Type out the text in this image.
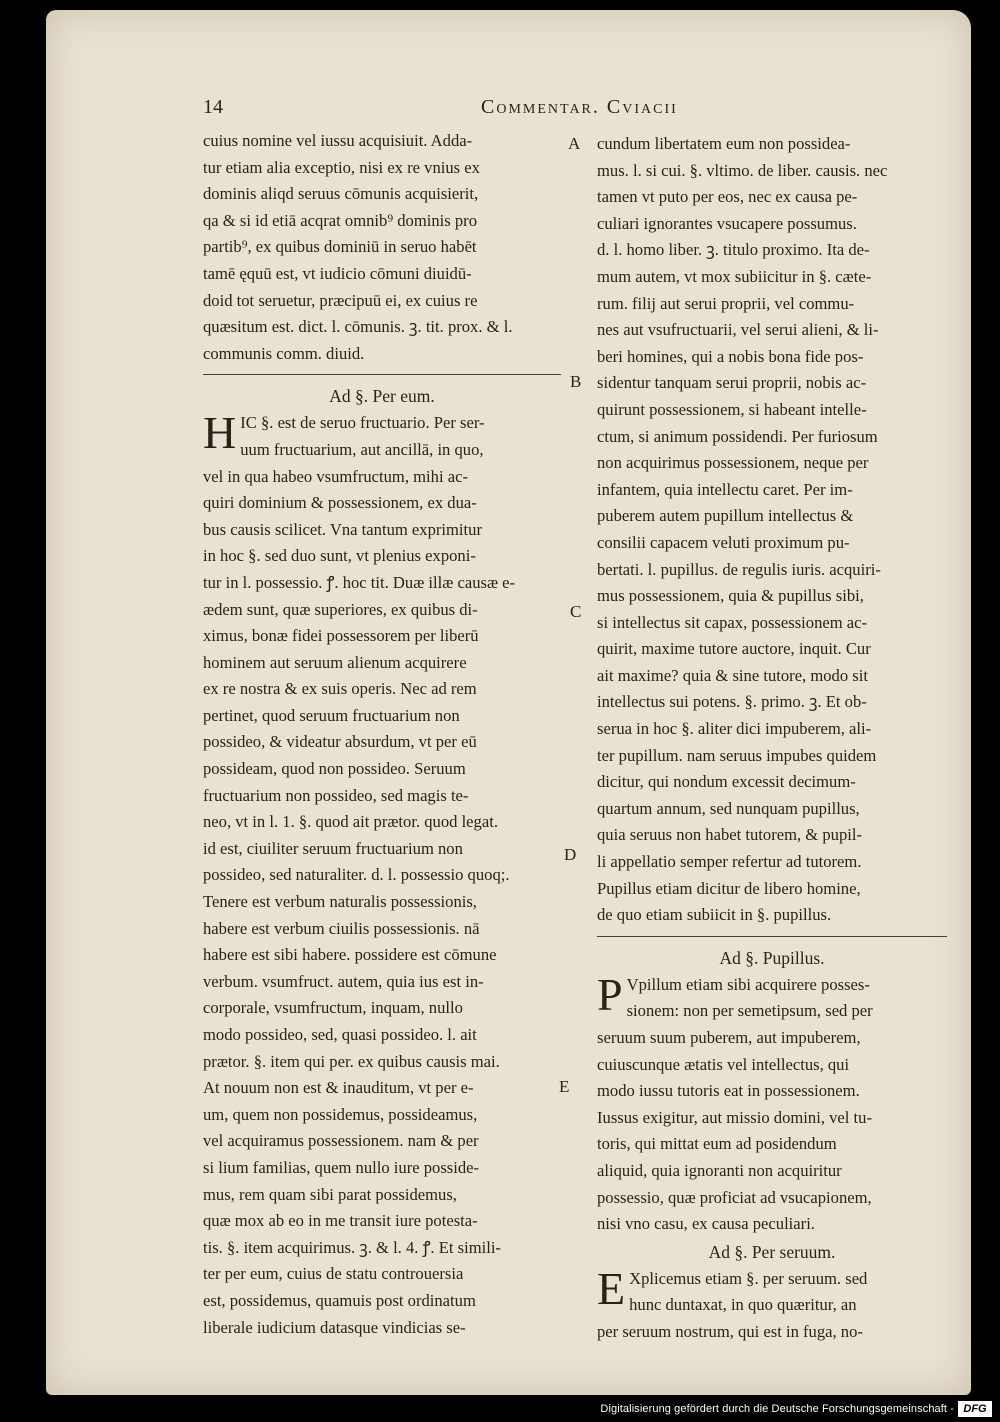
14	Commentar. Cviacii
A
B
C
D
E

cuius nomine vel iussu acquisiuit. Adda-
tur etiam alia exceptio, nisi ex re vnius ex
dominis aliqd seruus cōmunis acquisierit,
qa & si id etiā acqrat omnib⁹ dominis pro
partib⁹, ex quibus dominiū in seruo habēt
tamē ęquū est, vt iudicio cōmuni diuidū-
doid tot seruetur, præcipuū ei, ex cuius re
quæsitum est. dict. l. cōmunis. ꝫ. tit. prox. & l.
communis comm. diuid.

Ad §. Per eum.

H IC §. est de seruo fructuario. Per ser-
uum fructuarium, aut ancillā, in quo,
vel in qua habeo vsumfructum, mihi ac-
quiri dominium & possessionem, ex dua-
bus causis scilicet. Vna tantum exprimitur
in hoc §. sed duo sunt, vt plenius exponi-
tur in l. possessio. ꝭ. hoc tit. Duæ illæ causæ e-
ædem sunt, quæ superiores, ex quibus di-
ximus, bonæ fidei possessorem per liberū
hominem aut seruum alienum acquirere
ex re nostra & ex suis operis. Nec ad rem
pertinet, quod seruum fructuarium non
possideo, & videatur absurdum, vt per eū
possideam, quod non possideo. Seruum
fructuarium non possideo, sed magis te-
neo, vt in l. 1. §. quod ait prætor. quod legat.
id est, ciuiliter seruum fructuarium non
possideo, sed naturaliter. d. l. possessio quoq;.
Tenere est verbum naturalis possessionis,
habere est verbum ciuilis possessionis. nā
habere est sibi habere. possidere est cōmune
verbum. vsumfruct. autem, quia ius est in-
corporale, vsumfructum, inquam, nullo
modo possideo, sed, quasi possideo. l. ait
prætor. §. item qui per. ex quibus causis mai.
At nouum non est & inauditum, vt per e-
um, quem non possidemus, possideamus,
vel acquiramus possessionem. nam & per
si lium familias, quem nullo iure posside-
mus, rem quam sibi parat possidemus,
quæ mox ab eo in me transit iure potesta-
tis. §. item acquirimus. ꝫ. & l. 4. ꝭ. Et simili-
ter per eum, cuius de statu controuersia
est, possidemus, quamuis post ordinatum
liberale iudicium datasque vindicias se-

cundum libertatem eum non possidea-
mus. l. si cui. §. vltimo. de liber. causis. nec
tamen vt puto per eos, nec ex causa pe-
culiari ignorantes vsucapere possumus.
d. l. homo liber. ꝫ. titulo proximo. Ita de-
mum autem, vt mox subiicitur in §. cæte-
rum. filij aut serui proprii, vel commu-
nes aut vsufructuarii, vel serui alieni, & li-
beri homines, qui a nobis bona fide pos-
sidentur tanquam serui proprii, nobis ac-
quirunt possessionem, si habeant intelle-
ctum, si animum possidendi. Per furiosum
non acquirimus possessionem, neque per
infantem, quia intellectu caret. Per im-
puberem autem pupillum intellectus &
consilii capacem veluti proximum pu-
bertati. l. pupillus. de regulis iuris. acquiri-
mus possessionem, quia & pupillus sibi,
si intellectus sit capax, possessionem ac-
quirit, maxime tutore auctore, inquit. Cur
ait maxime? quia & sine tutore, modo sit
intellectus sui potens. §. primo. ꝫ. Et ob-
serua in hoc §. aliter dici impuberem, ali-
ter pupillum. nam seruus impubes quidem
dicitur, qui nondum excessit decimum-
quartum annum, sed nunquam pupillus,
quia seruus non habet tutorem, & pupil-
li appellatio semper refertur ad tutorem.
Pupillus etiam dicitur de libero homine,
de quo etiam subiicit in §. pupillus.

Ad §. Pupillus.

P Vpillum etiam sibi acquirere posses-
sionem: non per semetipsum, sed per
seruum suum puberem, aut impuberem,
cuiuscunque ætatis vel intellectus, qui
modo iussu tutoris eat in possessionem.
Iussus exigitur, aut missio domini, vel tu-
toris, qui mittat eum ad posidendum
aliquid, quia ignoranti non acquiritur
possessio, quæ proficiat ad vsucapionem,
nisi vno casu, ex causa peculiari.

Ad §. Per seruum.

E Xplicemus etiam §. per seruum. sed
hunc duntaxat, in quo quæritur, an
per seruum nostrum, qui est in fuga, no-

Digitalisierung gefördert durch die Deutsche Forschungsgemeinschaft - DFG
